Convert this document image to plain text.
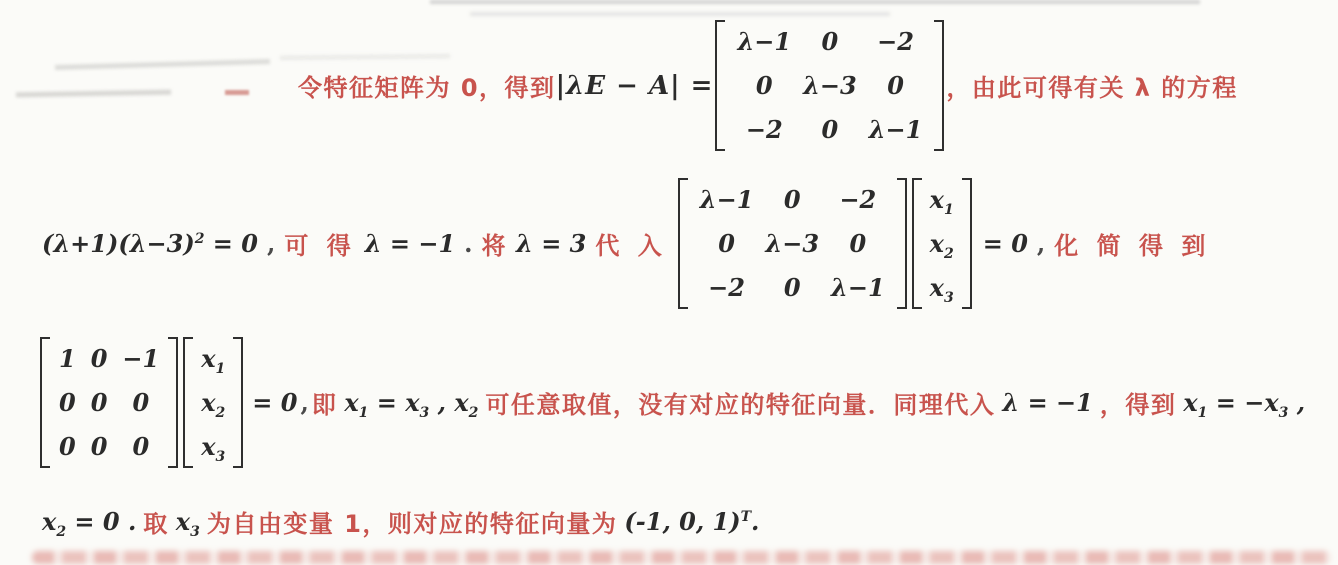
令特征矩阵为 0，得到 |λE − A| =
λ−1 0 −2
0 λ−3 0
−2 0 λ−1
，由此可得有关 λ 的方程
$(\lambda+1)(\lambda-3)^2 = 0$ , 可 得 λ = −1 . 将 λ = 3 代 入
λ−1 0 −2
0 λ−3 0
−2 0 λ−1
$x_1$
$x_2$
$x_3$
= 0 , 化 简 得 到
1 0 −1
0 0 0
0 0 0
$x_1$
$x_2$
$x_3$
= 0 , 即 $x_1 = x_3$ , $x_2$ 可任意取值，没有对应的特征向量．同理代入 λ = −1 ，得到 $x_1 = -x_3$ ,
$x_2 = 0$ . 取 $x_3$ 为自由变量 1，则对应的特征向量为 (-1, 0, 1)$^T$.
